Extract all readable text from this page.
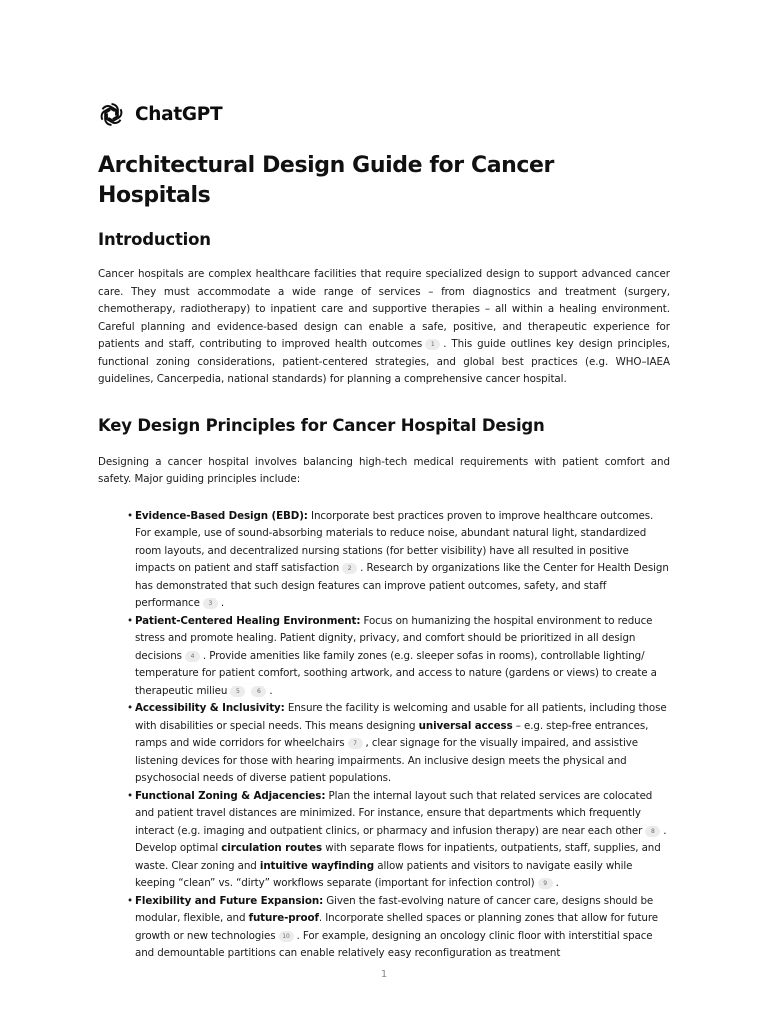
ChatGPT
Architectural Design Guide for Cancer Hospitals
Introduction

Cancer hospitals are complex healthcare facilities that require specialized design to support advanced cancer care. They must accommodate a wide range of services – from diagnostics and treatment (surgery, chemotherapy, radiotherapy) to inpatient care and supportive therapies – all within a healing environment. Careful planning and evidence-based design can enable a safe, positive, and therapeutic experience for patients and staff, contributing to improved health outcomes 1 . This guide outlines key design principles, functional zoning considerations, patient-centered strategies, and global best practices (e.g. WHO–IAEA guidelines, Cancerpedia, national standards) for planning a comprehensive cancer hospital.

Key Design Principles for Cancer Hospital Design

Designing a cancer hospital involves balancing high-tech medical requirements with patient comfort and safety. Major guiding principles include:

• Evidence-Based Design (EBD): Incorporate best practices proven to improve healthcare outcomes. For example, use of sound-absorbing materials to reduce noise, abundant natural light, standardized room layouts, and decentralized nursing stations (for better visibility) have all resulted in positive impacts on patient and staff satisfaction 2 . Research by organizations like the Center for Health Design has demonstrated that such design features can improve patient outcomes, safety, and staff performance 3 .
• Patient-Centered Healing Environment: Focus on humanizing the hospital environment to reduce stress and promote healing. Patient dignity, privacy, and comfort should be prioritized in all design decisions 4 . Provide amenities like family zones (e.g. sleeper sofas in rooms), controllable lighting/ temperature for patient comfort, soothing artwork, and access to nature (gardens or views) to create a therapeutic milieu 5	6 .
• Accessibility & Inclusivity: Ensure the facility is welcoming and usable for all patients, including those with disabilities or special needs. This means designing universal access – e.g. step-free entrances, ramps and wide corridors for wheelchairs 7 , clear signage for the visually impaired, and assistive listening devices for those with hearing impairments. An inclusive design meets the physical and psychosocial needs of diverse patient populations.
• Functional Zoning & Adjacencies: Plan the internal layout such that related services are colocated and patient travel distances are minimized. For instance, ensure that departments which frequently interact (e.g. imaging and outpatient clinics, or pharmacy and infusion therapy) are near each other 8 . Develop optimal circulation routes with separate flows for inpatients, outpatients, staff, supplies, and waste. Clear zoning and intuitive wayfinding allow patients and visitors to navigate easily while keeping “clean” vs. “dirty” workflows separate (important for infection control) 9 .
• Flexibility and Future Expansion: Given the fast-evolving nature of cancer care, designs should be modular, flexible, and future-proof. Incorporate shelled spaces or planning zones that allow for future growth or new technologies 10 . For example, designing an oncology clinic floor with interstitial space and demountable partitions can enable relatively easy reconfiguration as treatment
1
